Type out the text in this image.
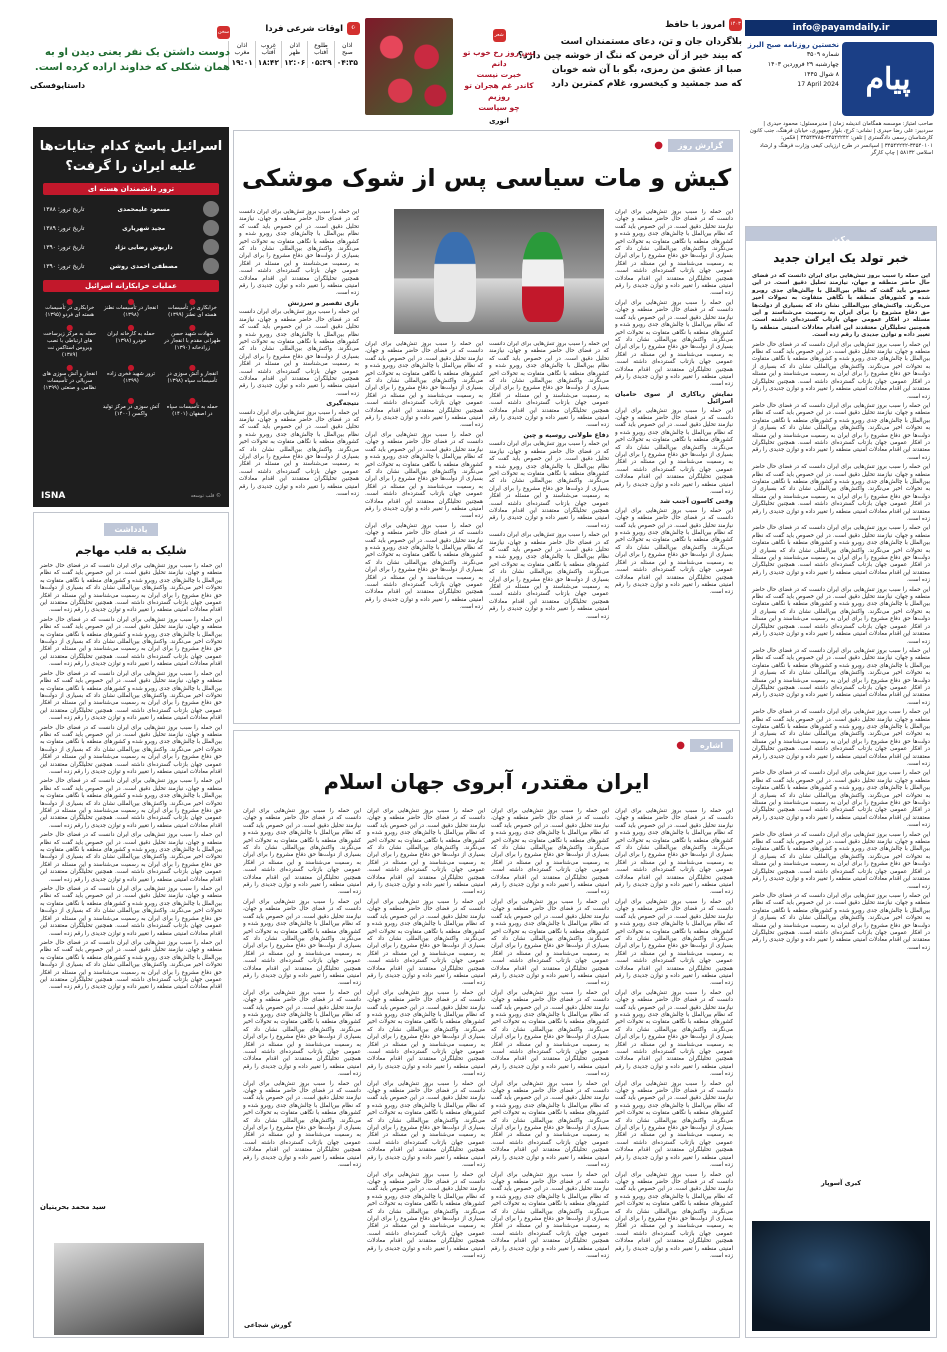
info@payamdaily.ir
پیام
نخستین روزنامه صبح البرز
شماره ۳۵۰۹
چهارشنبه ۲۹ فروردین ۱۴۰۳
۸ شوال ۱۴۴۵
17 April 2024
صاحب امتیاز: موسسه همگامان اندیشه زمان | مدیرمسئول: محمود حیدری | سردبیر: علی رضا حیدری | نشانی: کرج، بلوار جمهوری، خیابان فرهنگ، جنب کانون کارشناسان رسمی دادگستری | تلفن: ۳۴۵۴۲۲۴۲-۳۴۵۴۳۷۸۵ | فکس: ۳۴۵۴۰۱۰۱-۳۴۵۴۲۲۴۲ | اسپانسر در طرح ارزیابی کیفی وزارت فرهنگ و ارشاد اسلامی ۵۸۱۳۲ | چاپ کارگر
۱۴۰۳
امروز با حافظ
بلاگردان جان و تن، دعای مستمندان است
که بیند خیر از آن خرمن که ننگ از خوشه چین دارد؟
صبا از عشق من رمزی، بگو با آن شه خوبان
که صد جمشید و کیخسرو، غلام کمترین دارد
شعر
بس روز رخ خوب تو دانم
خبرت نیست
کاندر غم هجران تو روزیم
چو سیاست
انوری
☪
اوقات شرعی فردا
اذان صبح	طلوع آفتاب	اذان ظهر	غروب آفتاب	اذان مغرب
۰۴:۳۵	۰۵:۲۹	۱۲:۰۶	۱۸:۴۲	۱۹:۰۱
سخن
دوست داشتن یک نفر یعنی دیدن او به همان شکلی که خداوند اراده کرده است.
داستایوفسکی
اسرائیل پاسخ کدام جنایات‌ها علیه ایران را گرفت؟
ترور دانشمندان هسته ای
مسعود علیمحمدی
تاریخ ترور: ۱۳۸۸
مجید شهریاری
تاریخ ترور: ۱۳۸۹
داریوش رضایی نژاد
تاریخ ترور: ۱۳۹۰
مصطفی احمدی روشن
تاریخ ترور: ۱۳۹۰
عملیات خرابکارانه اسرائیل
● خرابکاری در تأسیسات هسته ای نطنز (۱۳۹۹)
● انفجار در تأسیسات نطنز (۱۳۹۸)
● خرابکاری در تأسیسات هسته ای فردو (۱۳۹۵)
● شهادت شهید حسن طهرانی مقدم با انفجار در زرادخانه (۱۳۹۰)
● حمله به کارخانه ایران خودرو (۱۳۹۸)
● حمله به مرکز زیرساخت های ارتباطی با نصب ویروس استاکس نت (۱۳۸۹)
● انفجار و آتش سوزی در تأسیسات سپاه (۱۳۹۸)
● ترور شهید فخری زاده (۱۳۹۹)
● انفجار و آتش سوزی های سریالی در تأسیسات نظامی و صنعتی (۱۳۹۹)
● حمله به تأسیسات سپاه در اصفهان (۱۴۰۱)
● آتش سوزی در مرکز تولید واکسن (۱۴۰۰)
ISNA	© قلب توسعه
یادداشت
شلیک به قلب مهاجم

این حمله را سبب بروز تنش‌هایی برای ایران دانست که در فضای حال حاضر منطقه و جهان، نیازمند تحلیل دقیق است. در این خصوص باید گفت که نظام بین‌الملل با چالش‌های جدی روبرو شده و کشورهای منطقه با نگاهی متفاوت به تحولات اخیر می‌نگرند. واکنش‌های بین‌المللی نشان داد که بسیاری از دولت‌ها حق دفاع مشروع را برای ایران به رسمیت می‌شناسند و این مسئله در افکار عمومی جهان بازتاب گسترده‌ای داشته است. همچنین تحلیلگران معتقدند این اقدام معادلات امنیتی منطقه را تغییر داده و توازن جدیدی را رقم زده است.

این حمله را سبب بروز تنش‌هایی برای ایران دانست که در فضای حال حاضر منطقه و جهان، نیازمند تحلیل دقیق است. در این خصوص باید گفت که نظام بین‌الملل با چالش‌های جدی روبرو شده و کشورهای منطقه با نگاهی متفاوت به تحولات اخیر می‌نگرند. واکنش‌های بین‌المللی نشان داد که بسیاری از دولت‌ها حق دفاع مشروع را برای ایران به رسمیت می‌شناسند و این مسئله در افکار عمومی جهان بازتاب گسترده‌ای داشته است. همچنین تحلیلگران معتقدند این اقدام معادلات امنیتی منطقه را تغییر داده و توازن جدیدی را رقم زده است.

این حمله را سبب بروز تنش‌هایی برای ایران دانست که در فضای حال حاضر منطقه و جهان، نیازمند تحلیل دقیق است. در این خصوص باید گفت که نظام بین‌الملل با چالش‌های جدی روبرو شده و کشورهای منطقه با نگاهی متفاوت به تحولات اخیر می‌نگرند. واکنش‌های بین‌المللی نشان داد که بسیاری از دولت‌ها حق دفاع مشروع را برای ایران به رسمیت می‌شناسند و این مسئله در افکار عمومی جهان بازتاب گسترده‌ای داشته است. همچنین تحلیلگران معتقدند این اقدام معادلات امنیتی منطقه را تغییر داده و توازن جدیدی را رقم زده است.

این حمله را سبب بروز تنش‌هایی برای ایران دانست که در فضای حال حاضر منطقه و جهان، نیازمند تحلیل دقیق است. در این خصوص باید گفت که نظام بین‌الملل با چالش‌های جدی روبرو شده و کشورهای منطقه با نگاهی متفاوت به تحولات اخیر می‌نگرند. واکنش‌های بین‌المللی نشان داد که بسیاری از دولت‌ها حق دفاع مشروع را برای ایران به رسمیت می‌شناسند و این مسئله در افکار عمومی جهان بازتاب گسترده‌ای داشته است. همچنین تحلیلگران معتقدند این اقدام معادلات امنیتی منطقه را تغییر داده و توازن جدیدی را رقم زده است.

این حمله را سبب بروز تنش‌هایی برای ایران دانست که در فضای حال حاضر منطقه و جهان، نیازمند تحلیل دقیق است. در این خصوص باید گفت که نظام بین‌الملل با چالش‌های جدی روبرو شده و کشورهای منطقه با نگاهی متفاوت به تحولات اخیر می‌نگرند. واکنش‌های بین‌المللی نشان داد که بسیاری از دولت‌ها حق دفاع مشروع را برای ایران به رسمیت می‌شناسند و این مسئله در افکار عمومی جهان بازتاب گسترده‌ای داشته است. همچنین تحلیلگران معتقدند این اقدام معادلات امنیتی منطقه را تغییر داده و توازن جدیدی را رقم زده است.

این حمله را سبب بروز تنش‌هایی برای ایران دانست که در فضای حال حاضر منطقه و جهان، نیازمند تحلیل دقیق است. در این خصوص باید گفت که نظام بین‌الملل با چالش‌های جدی روبرو شده و کشورهای منطقه با نگاهی متفاوت به تحولات اخیر می‌نگرند. واکنش‌های بین‌المللی نشان داد که بسیاری از دولت‌ها حق دفاع مشروع را برای ایران به رسمیت می‌شناسند و این مسئله در افکار عمومی جهان بازتاب گسترده‌ای داشته است. همچنین تحلیلگران معتقدند این اقدام معادلات امنیتی منطقه را تغییر داده و توازن جدیدی را رقم زده است.

این حمله را سبب بروز تنش‌هایی برای ایران دانست که در فضای حال حاضر منطقه و جهان، نیازمند تحلیل دقیق است. در این خصوص باید گفت که نظام بین‌الملل با چالش‌های جدی روبرو شده و کشورهای منطقه با نگاهی متفاوت به تحولات اخیر می‌نگرند. واکنش‌های بین‌المللی نشان داد که بسیاری از دولت‌ها حق دفاع مشروع را برای ایران به رسمیت می‌شناسند و این مسئله در افکار عمومی جهان بازتاب گسترده‌ای داشته است. همچنین تحلیلگران معتقدند این اقدام معادلات امنیتی منطقه را تغییر داده و توازن جدیدی را رقم زده است.

این حمله را سبب بروز تنش‌هایی برای ایران دانست که در فضای حال حاضر منطقه و جهان، نیازمند تحلیل دقیق است. در این خصوص باید گفت که نظام بین‌الملل با چالش‌های جدی روبرو شده و کشورهای منطقه با نگاهی متفاوت به تحولات اخیر می‌نگرند. واکنش‌های بین‌المللی نشان داد که بسیاری از دولت‌ها حق دفاع مشروع را برای ایران به رسمیت می‌شناسند و این مسئله در افکار عمومی جهان بازتاب گسترده‌ای داشته است. همچنین تحلیلگران معتقدند این اقدام معادلات امنیتی منطقه را تغییر داده و توازن جدیدی را رقم زده است.

سید محمد بحرینیان
گزارش روز ●
کیش و مات سیاسی پس از شوک موشکی

این حمله را سبب بروز تنش‌هایی برای ایران دانست که در فضای حال حاضر منطقه و جهان، نیازمند تحلیل دقیق است. در این خصوص باید گفت که نظام بین‌الملل با چالش‌های جدی روبرو شده و کشورهای منطقه با نگاهی متفاوت به تحولات اخیر می‌نگرند. واکنش‌های بین‌المللی نشان داد که بسیاری از دولت‌ها حق دفاع مشروع را برای ایران به رسمیت می‌شناسند و این مسئله در افکار عمومی جهان بازتاب گسترده‌ای داشته است. همچنین تحلیلگران معتقدند این اقدام معادلات امنیتی منطقه را تغییر داده و توازن جدیدی را رقم زده است.

این حمله را سبب بروز تنش‌هایی برای ایران دانست که در فضای حال حاضر منطقه و جهان، نیازمند تحلیل دقیق است. در این خصوص باید گفت که نظام بین‌الملل با چالش‌های جدی روبرو شده و کشورهای منطقه با نگاهی متفاوت به تحولات اخیر می‌نگرند. واکنش‌های بین‌المللی نشان داد که بسیاری از دولت‌ها حق دفاع مشروع را برای ایران به رسمیت می‌شناسند و این مسئله در افکار عمومی جهان بازتاب گسترده‌ای داشته است. همچنین تحلیلگران معتقدند این اقدام معادلات امنیتی منطقه را تغییر داده و توازن جدیدی را رقم زده است.

نمایش رباکاری از سوی حامیان اسرائیل

این حمله را سبب بروز تنش‌هایی برای ایران دانست که در فضای حال حاضر منطقه و جهان، نیازمند تحلیل دقیق است. در این خصوص باید گفت که نظام بین‌الملل با چالش‌های جدی روبرو شده و کشورهای منطقه با نگاهی متفاوت به تحولات اخیر می‌نگرند. واکنش‌های بین‌المللی نشان داد که بسیاری از دولت‌ها حق دفاع مشروع را برای ایران به رسمیت می‌شناسند و این مسئله در افکار عمومی جهان بازتاب گسترده‌ای داشته است. همچنین تحلیلگران معتقدند این اقدام معادلات امنیتی منطقه را تغییر داده و توازن جدیدی را رقم زده است.

وقتی کاسون آجنب شد

این حمله را سبب بروز تنش‌هایی برای ایران دانست که در فضای حال حاضر منطقه و جهان، نیازمند تحلیل دقیق است. در این خصوص باید گفت که نظام بین‌الملل با چالش‌های جدی روبرو شده و کشورهای منطقه با نگاهی متفاوت به تحولات اخیر می‌نگرند. واکنش‌های بین‌المللی نشان داد که بسیاری از دولت‌ها حق دفاع مشروع را برای ایران به رسمیت می‌شناسند و این مسئله در افکار عمومی جهان بازتاب گسترده‌ای داشته است. همچنین تحلیلگران معتقدند این اقدام معادلات امنیتی منطقه را تغییر داده و توازن جدیدی را رقم زده است.

این حمله را سبب بروز تنش‌هایی برای ایران دانست که در فضای حال حاضر منطقه و جهان، نیازمند تحلیل دقیق است. در این خصوص باید گفت که نظام بین‌الملل با چالش‌های جدی روبرو شده و کشورهای منطقه با نگاهی متفاوت به تحولات اخیر می‌نگرند. واکنش‌های بین‌المللی نشان داد که بسیاری از دولت‌ها حق دفاع مشروع را برای ایران به رسمیت می‌شناسند و این مسئله در افکار عمومی جهان بازتاب گسترده‌ای داشته است. همچنین تحلیلگران معتقدند این اقدام معادلات امنیتی منطقه را تغییر داده و توازن جدیدی را رقم زده است.

دفاع طولانی روسیه و چین

این حمله را سبب بروز تنش‌هایی برای ایران دانست که در فضای حال حاضر منطقه و جهان، نیازمند تحلیل دقیق است. در این خصوص باید گفت که نظام بین‌الملل با چالش‌های جدی روبرو شده و کشورهای منطقه با نگاهی متفاوت به تحولات اخیر می‌نگرند. واکنش‌های بین‌المللی نشان داد که بسیاری از دولت‌ها حق دفاع مشروع را برای ایران به رسمیت می‌شناسند و این مسئله در افکار عمومی جهان بازتاب گسترده‌ای داشته است. همچنین تحلیلگران معتقدند این اقدام معادلات امنیتی منطقه را تغییر داده و توازن جدیدی را رقم زده است.

این حمله را سبب بروز تنش‌هایی برای ایران دانست که در فضای حال حاضر منطقه و جهان، نیازمند تحلیل دقیق است. در این خصوص باید گفت که نظام بین‌الملل با چالش‌های جدی روبرو شده و کشورهای منطقه با نگاهی متفاوت به تحولات اخیر می‌نگرند. واکنش‌های بین‌المللی نشان داد که بسیاری از دولت‌ها حق دفاع مشروع را برای ایران به رسمیت می‌شناسند و این مسئله در افکار عمومی جهان بازتاب گسترده‌ای داشته است. همچنین تحلیلگران معتقدند این اقدام معادلات امنیتی منطقه را تغییر داده و توازن جدیدی را رقم زده است.

این حمله را سبب بروز تنش‌هایی برای ایران دانست که در فضای حال حاضر منطقه و جهان، نیازمند تحلیل دقیق است. در این خصوص باید گفت که نظام بین‌الملل با چالش‌های جدی روبرو شده و کشورهای منطقه با نگاهی متفاوت به تحولات اخیر می‌نگرند. واکنش‌های بین‌المللی نشان داد که بسیاری از دولت‌ها حق دفاع مشروع را برای ایران به رسمیت می‌شناسند و این مسئله در افکار عمومی جهان بازتاب گسترده‌ای داشته است. همچنین تحلیلگران معتقدند این اقدام معادلات امنیتی منطقه را تغییر داده و توازن جدیدی را رقم زده است.

این حمله را سبب بروز تنش‌هایی برای ایران دانست که در فضای حال حاضر منطقه و جهان، نیازمند تحلیل دقیق است. در این خصوص باید گفت که نظام بین‌الملل با چالش‌های جدی روبرو شده و کشورهای منطقه با نگاهی متفاوت به تحولات اخیر می‌نگرند. واکنش‌های بین‌المللی نشان داد که بسیاری از دولت‌ها حق دفاع مشروع را برای ایران به رسمیت می‌شناسند و این مسئله در افکار عمومی جهان بازتاب گسترده‌ای داشته است. همچنین تحلیلگران معتقدند این اقدام معادلات امنیتی منطقه را تغییر داده و توازن جدیدی را رقم زده است.

این حمله را سبب بروز تنش‌هایی برای ایران دانست که در فضای حال حاضر منطقه و جهان، نیازمند تحلیل دقیق است. در این خصوص باید گفت که نظام بین‌الملل با چالش‌های جدی روبرو شده و کشورهای منطقه با نگاهی متفاوت به تحولات اخیر می‌نگرند. واکنش‌های بین‌المللی نشان داد که بسیاری از دولت‌ها حق دفاع مشروع را برای ایران به رسمیت می‌شناسند و این مسئله در افکار عمومی جهان بازتاب گسترده‌ای داشته است. همچنین تحلیلگران معتقدند این اقدام معادلات امنیتی منطقه را تغییر داده و توازن جدیدی را رقم زده است.

این حمله را سبب بروز تنش‌هایی برای ایران دانست که در فضای حال حاضر منطقه و جهان، نیازمند تحلیل دقیق است. در این خصوص باید گفت که نظام بین‌الملل با چالش‌های جدی روبرو شده و کشورهای منطقه با نگاهی متفاوت به تحولات اخیر می‌نگرند. واکنش‌های بین‌المللی نشان داد که بسیاری از دولت‌ها حق دفاع مشروع را برای ایران به رسمیت می‌شناسند و این مسئله در افکار عمومی جهان بازتاب گسترده‌ای داشته است. همچنین تحلیلگران معتقدند این اقدام معادلات امنیتی منطقه را تغییر داده و توازن جدیدی را رقم زده است.

بازی تقصیر و سرزنش

این حمله را سبب بروز تنش‌هایی برای ایران دانست که در فضای حال حاضر منطقه و جهان، نیازمند تحلیل دقیق است. در این خصوص باید گفت که نظام بین‌الملل با چالش‌های جدی روبرو شده و کشورهای منطقه با نگاهی متفاوت به تحولات اخیر می‌نگرند. واکنش‌های بین‌المللی نشان داد که بسیاری از دولت‌ها حق دفاع مشروع را برای ایران به رسمیت می‌شناسند و این مسئله در افکار عمومی جهان بازتاب گسترده‌ای داشته است. همچنین تحلیلگران معتقدند این اقدام معادلات امنیتی منطقه را تغییر داده و توازن جدیدی را رقم زده است.

نتیجه‌گیری

این حمله را سبب بروز تنش‌هایی برای ایران دانست که در فضای حال حاضر منطقه و جهان، نیازمند تحلیل دقیق است. در این خصوص باید گفت که نظام بین‌الملل با چالش‌های جدی روبرو شده و کشورهای منطقه با نگاهی متفاوت به تحولات اخیر می‌نگرند. واکنش‌های بین‌المللی نشان داد که بسیاری از دولت‌ها حق دفاع مشروع را برای ایران به رسمیت می‌شناسند و این مسئله در افکار عمومی جهان بازتاب گسترده‌ای داشته است. همچنین تحلیلگران معتقدند این اقدام معادلات امنیتی منطقه را تغییر داده و توازن جدیدی را رقم زده است.

اشاره ●
ایران مقتدر، آبروی جهان اسلام

این حمله را سبب بروز تنش‌هایی برای ایران دانست که در فضای حال حاضر منطقه و جهان، نیازمند تحلیل دقیق است. در این خصوص باید گفت که نظام بین‌الملل با چالش‌های جدی روبرو شده و کشورهای منطقه با نگاهی متفاوت به تحولات اخیر می‌نگرند. واکنش‌های بین‌المللی نشان داد که بسیاری از دولت‌ها حق دفاع مشروع را برای ایران به رسمیت می‌شناسند و این مسئله در افکار عمومی جهان بازتاب گسترده‌ای داشته است. همچنین تحلیلگران معتقدند این اقدام معادلات امنیتی منطقه را تغییر داده و توازن جدیدی را رقم زده است.

این حمله را سبب بروز تنش‌هایی برای ایران دانست که در فضای حال حاضر منطقه و جهان، نیازمند تحلیل دقیق است. در این خصوص باید گفت که نظام بین‌الملل با چالش‌های جدی روبرو شده و کشورهای منطقه با نگاهی متفاوت به تحولات اخیر می‌نگرند. واکنش‌های بین‌المللی نشان داد که بسیاری از دولت‌ها حق دفاع مشروع را برای ایران به رسمیت می‌شناسند و این مسئله در افکار عمومی جهان بازتاب گسترده‌ای داشته است. همچنین تحلیلگران معتقدند این اقدام معادلات امنیتی منطقه را تغییر داده و توازن جدیدی را رقم زده است.

این حمله را سبب بروز تنش‌هایی برای ایران دانست که در فضای حال حاضر منطقه و جهان، نیازمند تحلیل دقیق است. در این خصوص باید گفت که نظام بین‌الملل با چالش‌های جدی روبرو شده و کشورهای منطقه با نگاهی متفاوت به تحولات اخیر می‌نگرند. واکنش‌های بین‌المللی نشان داد که بسیاری از دولت‌ها حق دفاع مشروع را برای ایران به رسمیت می‌شناسند و این مسئله در افکار عمومی جهان بازتاب گسترده‌ای داشته است. همچنین تحلیلگران معتقدند این اقدام معادلات امنیتی منطقه را تغییر داده و توازن جدیدی را رقم زده است.

این حمله را سبب بروز تنش‌هایی برای ایران دانست که در فضای حال حاضر منطقه و جهان، نیازمند تحلیل دقیق است. در این خصوص باید گفت که نظام بین‌الملل با چالش‌های جدی روبرو شده و کشورهای منطقه با نگاهی متفاوت به تحولات اخیر می‌نگرند. واکنش‌های بین‌المللی نشان داد که بسیاری از دولت‌ها حق دفاع مشروع را برای ایران به رسمیت می‌شناسند و این مسئله در افکار عمومی جهان بازتاب گسترده‌ای داشته است. همچنین تحلیلگران معتقدند این اقدام معادلات امنیتی منطقه را تغییر داده و توازن جدیدی را رقم زده است.

این حمله را سبب بروز تنش‌هایی برای ایران دانست که در فضای حال حاضر منطقه و جهان، نیازمند تحلیل دقیق است. در این خصوص باید گفت که نظام بین‌الملل با چالش‌های جدی روبرو شده و کشورهای منطقه با نگاهی متفاوت به تحولات اخیر می‌نگرند. واکنش‌های بین‌المللی نشان داد که بسیاری از دولت‌ها حق دفاع مشروع را برای ایران به رسمیت می‌شناسند و این مسئله در افکار عمومی جهان بازتاب گسترده‌ای داشته است. همچنین تحلیلگران معتقدند این اقدام معادلات امنیتی منطقه را تغییر داده و توازن جدیدی را رقم زده است.

این حمله را سبب بروز تنش‌هایی برای ایران دانست که در فضای حال حاضر منطقه و جهان، نیازمند تحلیل دقیق است. در این خصوص باید گفت که نظام بین‌الملل با چالش‌های جدی روبرو شده و کشورهای منطقه با نگاهی متفاوت به تحولات اخیر می‌نگرند. واکنش‌های بین‌المللی نشان داد که بسیاری از دولت‌ها حق دفاع مشروع را برای ایران به رسمیت می‌شناسند و این مسئله در افکار عمومی جهان بازتاب گسترده‌ای داشته است. همچنین تحلیلگران معتقدند این اقدام معادلات امنیتی منطقه را تغییر داده و توازن جدیدی را رقم زده است.

این حمله را سبب بروز تنش‌هایی برای ایران دانست که در فضای حال حاضر منطقه و جهان، نیازمند تحلیل دقیق است. در این خصوص باید گفت که نظام بین‌الملل با چالش‌های جدی روبرو شده و کشورهای منطقه با نگاهی متفاوت به تحولات اخیر می‌نگرند. واکنش‌های بین‌المللی نشان داد که بسیاری از دولت‌ها حق دفاع مشروع را برای ایران به رسمیت می‌شناسند و این مسئله در افکار عمومی جهان بازتاب گسترده‌ای داشته است. همچنین تحلیلگران معتقدند این اقدام معادلات امنیتی منطقه را تغییر داده و توازن جدیدی را رقم زده است.

این حمله را سبب بروز تنش‌هایی برای ایران دانست که در فضای حال حاضر منطقه و جهان، نیازمند تحلیل دقیق است. در این خصوص باید گفت که نظام بین‌الملل با چالش‌های جدی روبرو شده و کشورهای منطقه با نگاهی متفاوت به تحولات اخیر می‌نگرند. واکنش‌های بین‌المللی نشان داد که بسیاری از دولت‌ها حق دفاع مشروع را برای ایران به رسمیت می‌شناسند و این مسئله در افکار عمومی جهان بازتاب گسترده‌ای داشته است. همچنین تحلیلگران معتقدند این اقدام معادلات امنیتی منطقه را تغییر داده و توازن جدیدی را رقم زده است.

این حمله را سبب بروز تنش‌هایی برای ایران دانست که در فضای حال حاضر منطقه و جهان، نیازمند تحلیل دقیق است. در این خصوص باید گفت که نظام بین‌الملل با چالش‌های جدی روبرو شده و کشورهای منطقه با نگاهی متفاوت به تحولات اخیر می‌نگرند. واکنش‌های بین‌المللی نشان داد که بسیاری از دولت‌ها حق دفاع مشروع را برای ایران به رسمیت می‌شناسند و این مسئله در افکار عمومی جهان بازتاب گسترده‌ای داشته است. همچنین تحلیلگران معتقدند این اقدام معادلات امنیتی منطقه را تغییر داده و توازن جدیدی را رقم زده است.

این حمله را سبب بروز تنش‌هایی برای ایران دانست که در فضای حال حاضر منطقه و جهان، نیازمند تحلیل دقیق است. در این خصوص باید گفت که نظام بین‌الملل با چالش‌های جدی روبرو شده و کشورهای منطقه با نگاهی متفاوت به تحولات اخیر می‌نگرند. واکنش‌های بین‌المللی نشان داد که بسیاری از دولت‌ها حق دفاع مشروع را برای ایران به رسمیت می‌شناسند و این مسئله در افکار عمومی جهان بازتاب گسترده‌ای داشته است. همچنین تحلیلگران معتقدند این اقدام معادلات امنیتی منطقه را تغییر داده و توازن جدیدی را رقم زده است.

این حمله را سبب بروز تنش‌هایی برای ایران دانست که در فضای حال حاضر منطقه و جهان، نیازمند تحلیل دقیق است. در این خصوص باید گفت که نظام بین‌الملل با چالش‌های جدی روبرو شده و کشورهای منطقه با نگاهی متفاوت به تحولات اخیر می‌نگرند. واکنش‌های بین‌المللی نشان داد که بسیاری از دولت‌ها حق دفاع مشروع را برای ایران به رسمیت می‌شناسند و این مسئله در افکار عمومی جهان بازتاب گسترده‌ای داشته است. همچنین تحلیلگران معتقدند این اقدام معادلات امنیتی منطقه را تغییر داده و توازن جدیدی را رقم زده است.

این حمله را سبب بروز تنش‌هایی برای ایران دانست که در فضای حال حاضر منطقه و جهان، نیازمند تحلیل دقیق است. در این خصوص باید گفت که نظام بین‌الملل با چالش‌های جدی روبرو شده و کشورهای منطقه با نگاهی متفاوت به تحولات اخیر می‌نگرند. واکنش‌های بین‌المللی نشان داد که بسیاری از دولت‌ها حق دفاع مشروع را برای ایران به رسمیت می‌شناسند و این مسئله در افکار عمومی جهان بازتاب گسترده‌ای داشته است. همچنین تحلیلگران معتقدند این اقدام معادلات امنیتی منطقه را تغییر داده و توازن جدیدی را رقم زده است.

این حمله را سبب بروز تنش‌هایی برای ایران دانست که در فضای حال حاضر منطقه و جهان، نیازمند تحلیل دقیق است. در این خصوص باید گفت که نظام بین‌الملل با چالش‌های جدی روبرو شده و کشورهای منطقه با نگاهی متفاوت به تحولات اخیر می‌نگرند. واکنش‌های بین‌المللی نشان داد که بسیاری از دولت‌ها حق دفاع مشروع را برای ایران به رسمیت می‌شناسند و این مسئله در افکار عمومی جهان بازتاب گسترده‌ای داشته است. همچنین تحلیلگران معتقدند این اقدام معادلات امنیتی منطقه را تغییر داده و توازن جدیدی را رقم زده است.

این حمله را سبب بروز تنش‌هایی برای ایران دانست که در فضای حال حاضر منطقه و جهان، نیازمند تحلیل دقیق است. در این خصوص باید گفت که نظام بین‌الملل با چالش‌های جدی روبرو شده و کشورهای منطقه با نگاهی متفاوت به تحولات اخیر می‌نگرند. واکنش‌های بین‌المللی نشان داد که بسیاری از دولت‌ها حق دفاع مشروع را برای ایران به رسمیت می‌شناسند و این مسئله در افکار عمومی جهان بازتاب گسترده‌ای داشته است. همچنین تحلیلگران معتقدند این اقدام معادلات امنیتی منطقه را تغییر داده و توازن جدیدی را رقم زده است.

این حمله را سبب بروز تنش‌هایی برای ایران دانست که در فضای حال حاضر منطقه و جهان، نیازمند تحلیل دقیق است. در این خصوص باید گفت که نظام بین‌الملل با چالش‌های جدی روبرو شده و کشورهای منطقه با نگاهی متفاوت به تحولات اخیر می‌نگرند. واکنش‌های بین‌المللی نشان داد که بسیاری از دولت‌ها حق دفاع مشروع را برای ایران به رسمیت می‌شناسند و این مسئله در افکار عمومی جهان بازتاب گسترده‌ای داشته است. همچنین تحلیلگران معتقدند این اقدام معادلات امنیتی منطقه را تغییر داده و توازن جدیدی را رقم زده است.

این حمله را سبب بروز تنش‌هایی برای ایران دانست که در فضای حال حاضر منطقه و جهان، نیازمند تحلیل دقیق است. در این خصوص باید گفت که نظام بین‌الملل با چالش‌های جدی روبرو شده و کشورهای منطقه با نگاهی متفاوت به تحولات اخیر می‌نگرند. واکنش‌های بین‌المللی نشان داد که بسیاری از دولت‌ها حق دفاع مشروع را برای ایران به رسمیت می‌شناسند و این مسئله در افکار عمومی جهان بازتاب گسترده‌ای داشته است. همچنین تحلیلگران معتقدند این اقدام معادلات امنیتی منطقه را تغییر داده و توازن جدیدی را رقم زده است.

این حمله را سبب بروز تنش‌هایی برای ایران دانست که در فضای حال حاضر منطقه و جهان، نیازمند تحلیل دقیق است. در این خصوص باید گفت که نظام بین‌الملل با چالش‌های جدی روبرو شده و کشورهای منطقه با نگاهی متفاوت به تحولات اخیر می‌نگرند. واکنش‌های بین‌المللی نشان داد که بسیاری از دولت‌ها حق دفاع مشروع را برای ایران به رسمیت می‌شناسند و این مسئله در افکار عمومی جهان بازتاب گسترده‌ای داشته است. همچنین تحلیلگران معتقدند این اقدام معادلات امنیتی منطقه را تغییر داده و توازن جدیدی را رقم زده است.

این حمله را سبب بروز تنش‌هایی برای ایران دانست که در فضای حال حاضر منطقه و جهان، نیازمند تحلیل دقیق است. در این خصوص باید گفت که نظام بین‌الملل با چالش‌های جدی روبرو شده و کشورهای منطقه با نگاهی متفاوت به تحولات اخیر می‌نگرند. واکنش‌های بین‌المللی نشان داد که بسیاری از دولت‌ها حق دفاع مشروع را برای ایران به رسمیت می‌شناسند و این مسئله در افکار عمومی جهان بازتاب گسترده‌ای داشته است. همچنین تحلیلگران معتقدند این اقدام معادلات امنیتی منطقه را تغییر داده و توازن جدیدی را رقم زده است.

این حمله را سبب بروز تنش‌هایی برای ایران دانست که در فضای حال حاضر منطقه و جهان، نیازمند تحلیل دقیق است. در این خصوص باید گفت که نظام بین‌الملل با چالش‌های جدی روبرو شده و کشورهای منطقه با نگاهی متفاوت به تحولات اخیر می‌نگرند. واکنش‌های بین‌المللی نشان داد که بسیاری از دولت‌ها حق دفاع مشروع را برای ایران به رسمیت می‌شناسند و این مسئله در افکار عمومی جهان بازتاب گسترده‌ای داشته است. همچنین تحلیلگران معتقدند این اقدام معادلات امنیتی منطقه را تغییر داده و توازن جدیدی را رقم زده است.

گورش شجاعی
مکث
خبر تولد یک ایران جدید

این حمله را سبب بروز تنش‌هایی برای ایران دانست که در فضای حال حاضر منطقه و جهان، نیازمند تحلیل دقیق است. در این خصوص باید گفت که نظام بین‌الملل با چالش‌های جدی روبرو شده و کشورهای منطقه با نگاهی متفاوت به تحولات اخیر می‌نگرند. واکنش‌های بین‌المللی نشان داد که بسیاری از دولت‌ها حق دفاع مشروع را برای ایران به رسمیت می‌شناسند و این مسئله در افکار عمومی جهان بازتاب گسترده‌ای داشته است. همچنین تحلیلگران معتقدند این اقدام معادلات امنیتی منطقه را تغییر داده و توازن جدیدی را رقم زده است.

این حمله را سبب بروز تنش‌هایی برای ایران دانست که در فضای حال حاضر منطقه و جهان، نیازمند تحلیل دقیق است. در این خصوص باید گفت که نظام بین‌الملل با چالش‌های جدی روبرو شده و کشورهای منطقه با نگاهی متفاوت به تحولات اخیر می‌نگرند. واکنش‌های بین‌المللی نشان داد که بسیاری از دولت‌ها حق دفاع مشروع را برای ایران به رسمیت می‌شناسند و این مسئله در افکار عمومی جهان بازتاب گسترده‌ای داشته است. همچنین تحلیلگران معتقدند این اقدام معادلات امنیتی منطقه را تغییر داده و توازن جدیدی را رقم زده است.

این حمله را سبب بروز تنش‌هایی برای ایران دانست که در فضای حال حاضر منطقه و جهان، نیازمند تحلیل دقیق است. در این خصوص باید گفت که نظام بین‌الملل با چالش‌های جدی روبرو شده و کشورهای منطقه با نگاهی متفاوت به تحولات اخیر می‌نگرند. واکنش‌های بین‌المللی نشان داد که بسیاری از دولت‌ها حق دفاع مشروع را برای ایران به رسمیت می‌شناسند و این مسئله در افکار عمومی جهان بازتاب گسترده‌ای داشته است. همچنین تحلیلگران معتقدند این اقدام معادلات امنیتی منطقه را تغییر داده و توازن جدیدی را رقم زده است.

این حمله را سبب بروز تنش‌هایی برای ایران دانست که در فضای حال حاضر منطقه و جهان، نیازمند تحلیل دقیق است. در این خصوص باید گفت که نظام بین‌الملل با چالش‌های جدی روبرو شده و کشورهای منطقه با نگاهی متفاوت به تحولات اخیر می‌نگرند. واکنش‌های بین‌المللی نشان داد که بسیاری از دولت‌ها حق دفاع مشروع را برای ایران به رسمیت می‌شناسند و این مسئله در افکار عمومی جهان بازتاب گسترده‌ای داشته است. همچنین تحلیلگران معتقدند این اقدام معادلات امنیتی منطقه را تغییر داده و توازن جدیدی را رقم زده است.

این حمله را سبب بروز تنش‌هایی برای ایران دانست که در فضای حال حاضر منطقه و جهان، نیازمند تحلیل دقیق است. در این خصوص باید گفت که نظام بین‌الملل با چالش‌های جدی روبرو شده و کشورهای منطقه با نگاهی متفاوت به تحولات اخیر می‌نگرند. واکنش‌های بین‌المللی نشان داد که بسیاری از دولت‌ها حق دفاع مشروع را برای ایران به رسمیت می‌شناسند و این مسئله در افکار عمومی جهان بازتاب گسترده‌ای داشته است. همچنین تحلیلگران معتقدند این اقدام معادلات امنیتی منطقه را تغییر داده و توازن جدیدی را رقم زده است.

این حمله را سبب بروز تنش‌هایی برای ایران دانست که در فضای حال حاضر منطقه و جهان، نیازمند تحلیل دقیق است. در این خصوص باید گفت که نظام بین‌الملل با چالش‌های جدی روبرو شده و کشورهای منطقه با نگاهی متفاوت به تحولات اخیر می‌نگرند. واکنش‌های بین‌المللی نشان داد که بسیاری از دولت‌ها حق دفاع مشروع را برای ایران به رسمیت می‌شناسند و این مسئله در افکار عمومی جهان بازتاب گسترده‌ای داشته است. همچنین تحلیلگران معتقدند این اقدام معادلات امنیتی منطقه را تغییر داده و توازن جدیدی را رقم زده است.

این حمله را سبب بروز تنش‌هایی برای ایران دانست که در فضای حال حاضر منطقه و جهان، نیازمند تحلیل دقیق است. در این خصوص باید گفت که نظام بین‌الملل با چالش‌های جدی روبرو شده و کشورهای منطقه با نگاهی متفاوت به تحولات اخیر می‌نگرند. واکنش‌های بین‌المللی نشان داد که بسیاری از دولت‌ها حق دفاع مشروع را برای ایران به رسمیت می‌شناسند و این مسئله در افکار عمومی جهان بازتاب گسترده‌ای داشته است. همچنین تحلیلگران معتقدند این اقدام معادلات امنیتی منطقه را تغییر داده و توازن جدیدی را رقم زده است.

این حمله را سبب بروز تنش‌هایی برای ایران دانست که در فضای حال حاضر منطقه و جهان، نیازمند تحلیل دقیق است. در این خصوص باید گفت که نظام بین‌الملل با چالش‌های جدی روبرو شده و کشورهای منطقه با نگاهی متفاوت به تحولات اخیر می‌نگرند. واکنش‌های بین‌المللی نشان داد که بسیاری از دولت‌ها حق دفاع مشروع را برای ایران به رسمیت می‌شناسند و این مسئله در افکار عمومی جهان بازتاب گسترده‌ای داشته است. همچنین تحلیلگران معتقدند این اقدام معادلات امنیتی منطقه را تغییر داده و توازن جدیدی را رقم زده است.

این حمله را سبب بروز تنش‌هایی برای ایران دانست که در فضای حال حاضر منطقه و جهان، نیازمند تحلیل دقیق است. در این خصوص باید گفت که نظام بین‌الملل با چالش‌های جدی روبرو شده و کشورهای منطقه با نگاهی متفاوت به تحولات اخیر می‌نگرند. واکنش‌های بین‌المللی نشان داد که بسیاری از دولت‌ها حق دفاع مشروع را برای ایران به رسمیت می‌شناسند و این مسئله در افکار عمومی جهان بازتاب گسترده‌ای داشته است. همچنین تحلیلگران معتقدند این اقدام معادلات امنیتی منطقه را تغییر داده و توازن جدیدی را رقم زده است.

این حمله را سبب بروز تنش‌هایی برای ایران دانست که در فضای حال حاضر منطقه و جهان، نیازمند تحلیل دقیق است. در این خصوص باید گفت که نظام بین‌الملل با چالش‌های جدی روبرو شده و کشورهای منطقه با نگاهی متفاوت به تحولات اخیر می‌نگرند. واکنش‌های بین‌المللی نشان داد که بسیاری از دولت‌ها حق دفاع مشروع را برای ایران به رسمیت می‌شناسند و این مسئله در افکار عمومی جهان بازتاب گسترده‌ای داشته است. همچنین تحلیلگران معتقدند این اقدام معادلات امنیتی منطقه را تغییر داده و توازن جدیدی را رقم زده است.

این حمله را سبب بروز تنش‌هایی برای ایران دانست که در فضای حال حاضر منطقه و جهان، نیازمند تحلیل دقیق است. در این خصوص باید گفت که نظام بین‌الملل با چالش‌های جدی روبرو شده و کشورهای منطقه با نگاهی متفاوت به تحولات اخیر می‌نگرند. واکنش‌های بین‌المللی نشان داد که بسیاری از دولت‌ها حق دفاع مشروع را برای ایران به رسمیت می‌شناسند و این مسئله در افکار عمومی جهان بازتاب گسترده‌ای داشته است. همچنین تحلیلگران معتقدند این اقدام معادلات امنیتی منطقه را تغییر داده و توازن جدیدی را رقم زده است.

کبری آسوپار
